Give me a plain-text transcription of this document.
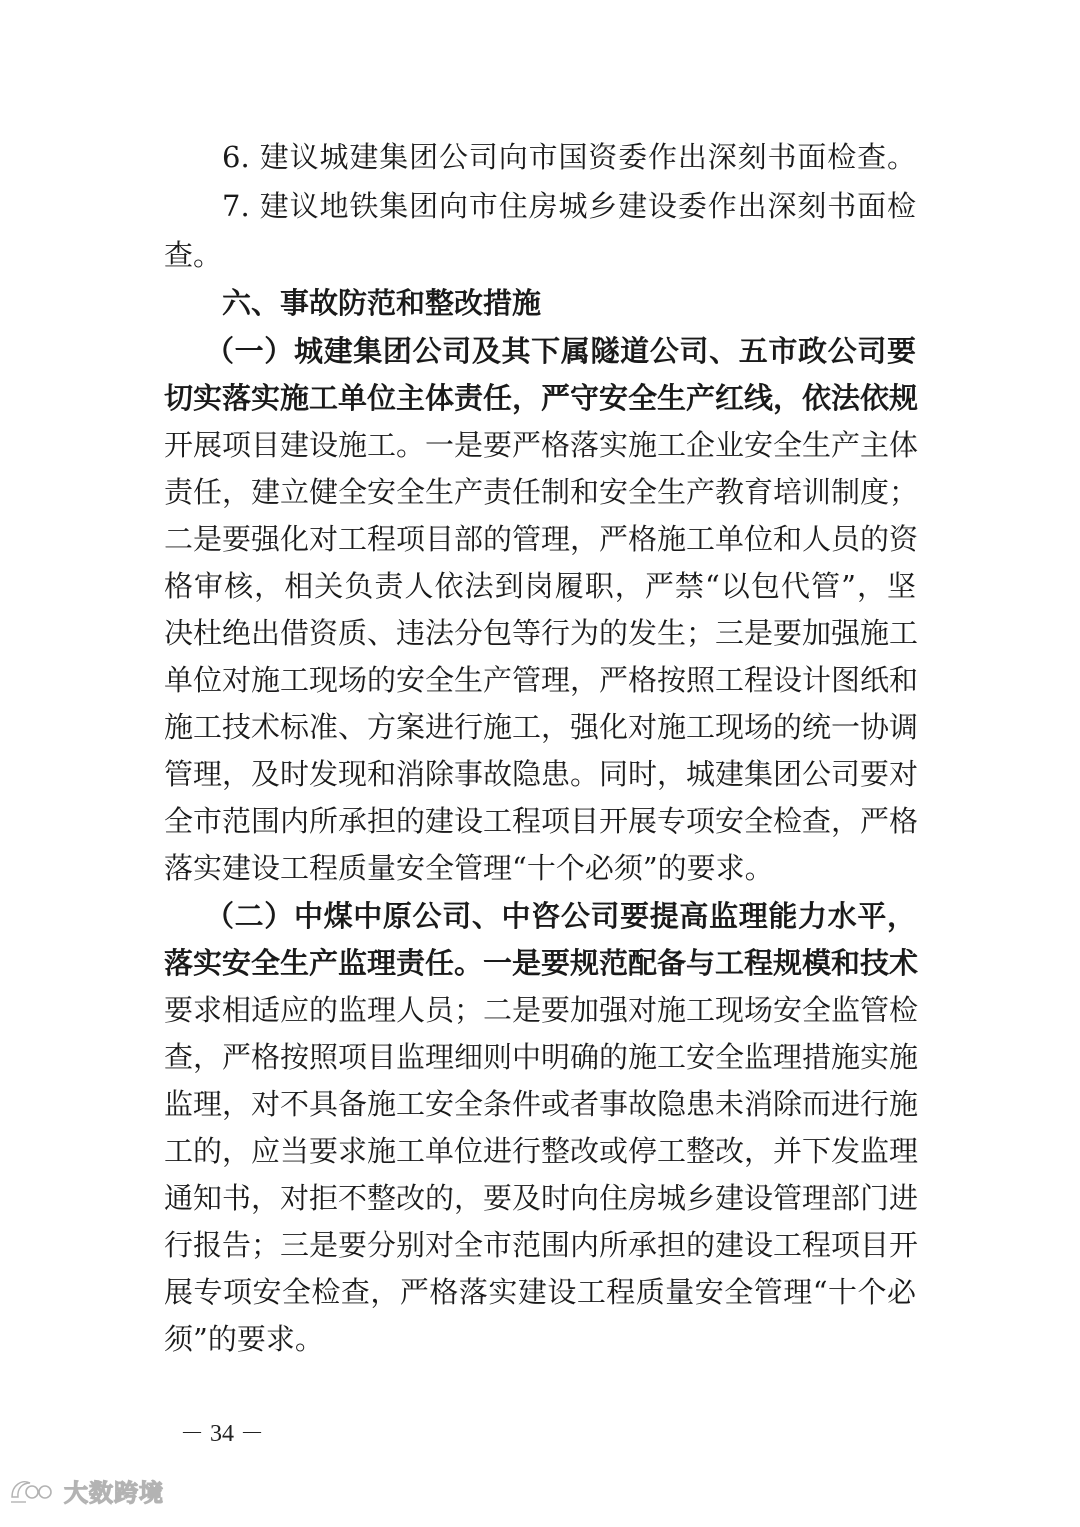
6. 建议城建集团公司向市国资委作出深刻书面检查。
7. 建议地铁集团向市住房城乡建设委作出深刻书面检
查。
六、事故防范和整改措施
（一）城建集团公司及其下属隧道公司、五市政公司要
切实落实施工单位主体责任，严守安全生产红线，依法依规
开展项目建设施工。一是要严格落实施工企业安全生产主体
责任，建立健全安全生产责任制和安全生产教育培训制度；
二是要强化对工程项目部的管理，严格施工单位和人员的资
格审核，相关负责人依法到岗履职，严禁“以包代管”，坚
决杜绝出借资质、违法分包等行为的发生；三是要加强施工
单位对施工现场的安全生产管理，严格按照工程设计图纸和
施工技术标准、方案进行施工，强化对施工现场的统一协调
管理，及时发现和消除事故隐患。同时，城建集团公司要对
全市范围内所承担的建设工程项目开展专项安全检查，严格
落实建设工程质量安全管理“十个必须”的要求。
（二）中煤中原公司、中咨公司要提高监理能力水平，
落实安全生产监理责任。一是要规范配备与工程规模和技术
要求相适应的监理人员；二是要加强对施工现场安全监管检
查，严格按照项目监理细则中明确的施工安全监理措施实施
监理，对不具备施工安全条件或者事故隐患未消除而进行施
工的，应当要求施工单位进行整改或停工整改，并下发监理
通知书，对拒不整改的，要及时向住房城乡建设管理部门进
行报告；三是要分别对全市范围内所承担的建设工程项目开
展专项安全检查，严格落实建设工程质量安全管理“十个必
须”的要求。
－ 34 －
大数跨境
